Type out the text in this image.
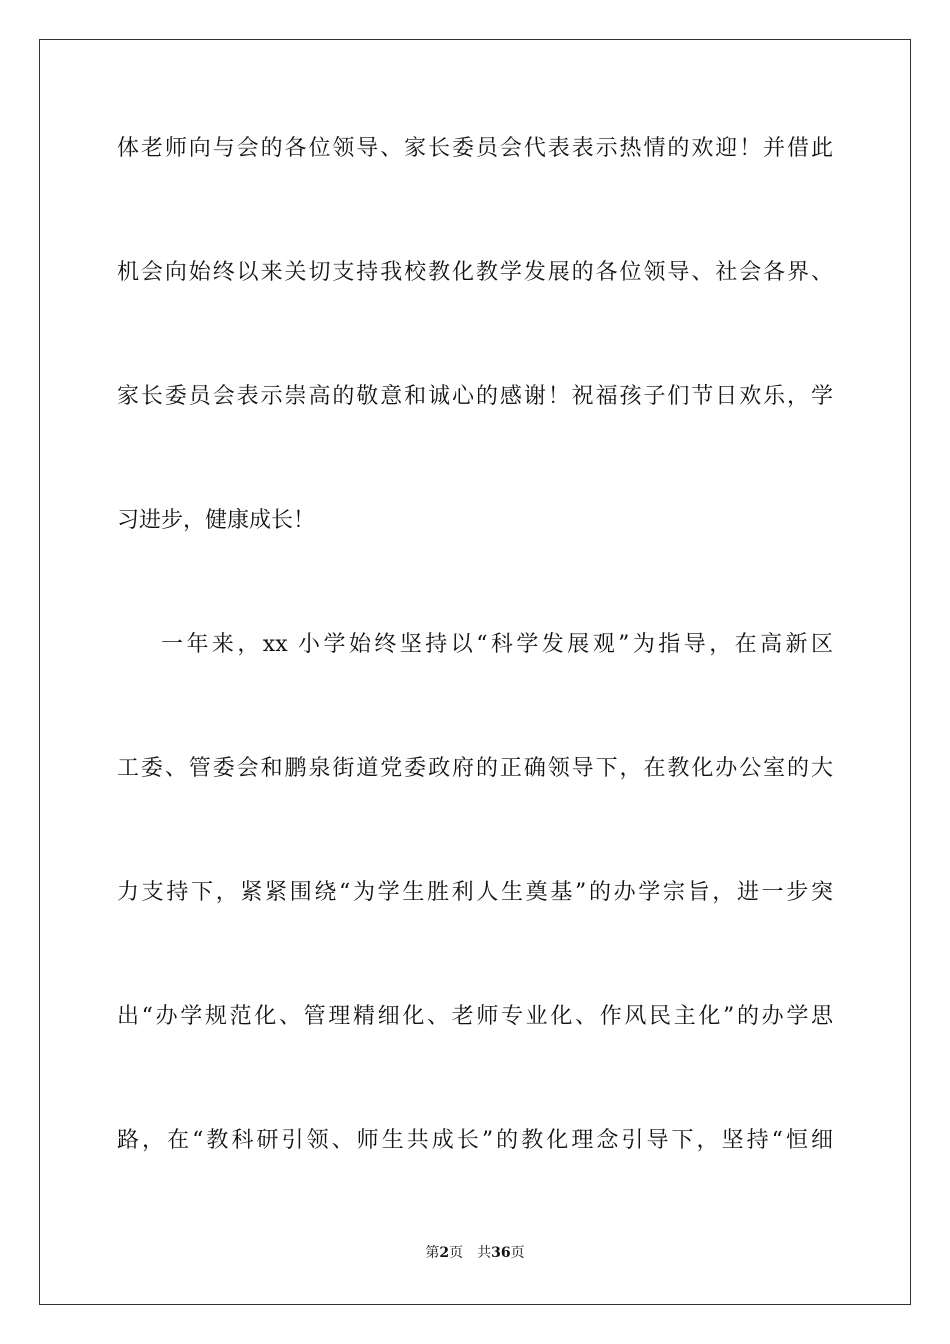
体老师向与会的各位领导、家长委员会代表表示热情的欢迎！并借此
机会向始终以来关切支持我校教化教学发展的各位领导、社会各界、
家长委员会表示崇高的敬意和诚心的感谢！祝福孩子们节日欢乐，学
习进步，健康成长！
一年来，xx 小学始终坚持以“科学发展观”为指导，在高新区
工委、管委会和鹏泉街道党委政府的正确领导下，在教化办公室的大
力支持下，紧紧围绕“为学生胜利人生奠基”的办学宗旨，进一步突
出“办学规范化、管理精细化、老师专业化、作风民主化”的办学思
路，在“教科研引领、师生共成长”的教化理念引导下，坚持“恒细
第2页 共36页
